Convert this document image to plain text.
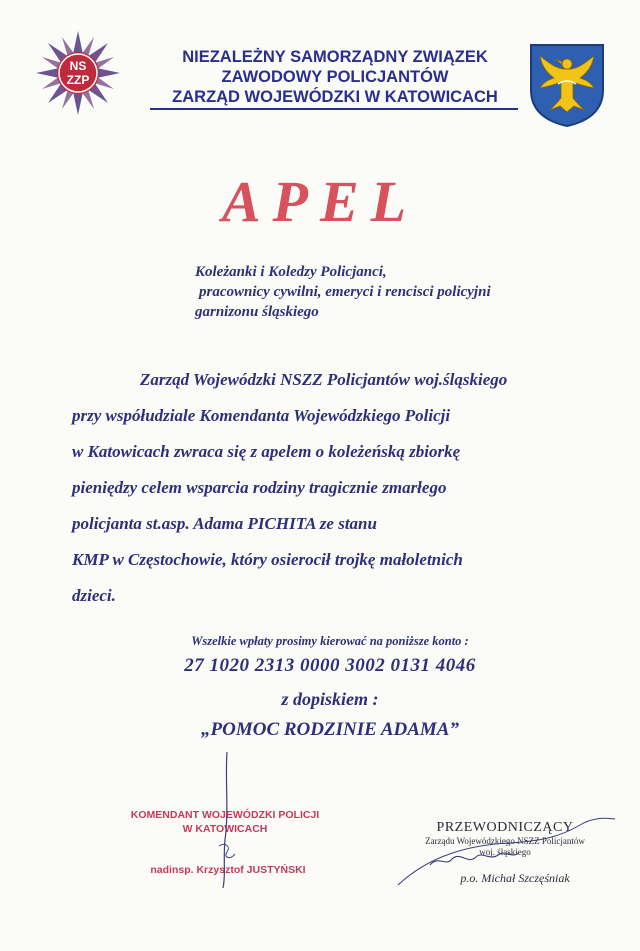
NS
ZZP
NIEZALEŻNY SAMORZĄDNY ZWIĄZEK
ZAWODOWY POLICJANTÓW
ZARZĄD WOJEWÓDZKI W KATOWICACH
APEL
Koleżanki i Koledzy Policjanci,
pracownicy cywilni, emeryci i rencisci policyjni
garnizonu śląskiego
Zarząd Wojewódzki NSZZ Policjantów woj.śląskiego
przy współudziale Komendanta Wojewódzkiego Policji
w Katowicach zwraca się z apelem o koleżeńską zbiorkę
pieniędzy celem wsparcia rodziny tragicznie zmarłego
policjanta st.asp. Adama PICHITA ze stanu
KMP w Częstochowie, który osierocił trojkę małoletnich
dzieci.
Wszelkie wpłaty prosimy kierować na poniższe konto :
27 1020 2313 0000 3002 0131 4046
z dopiskiem :
„POMOC RODZINIE ADAMA”
KOMENDANT WOJEWÓDZKI POLICJI
W KATOWICACH
nadinsp. Krzysztof JUSTYŃSKI
PRZEWODNICZĄCY
Zarządu Wojewódzkiego NSZZ Policjantów
woj. śląskiego
p.o. Michał Szczęśniak
